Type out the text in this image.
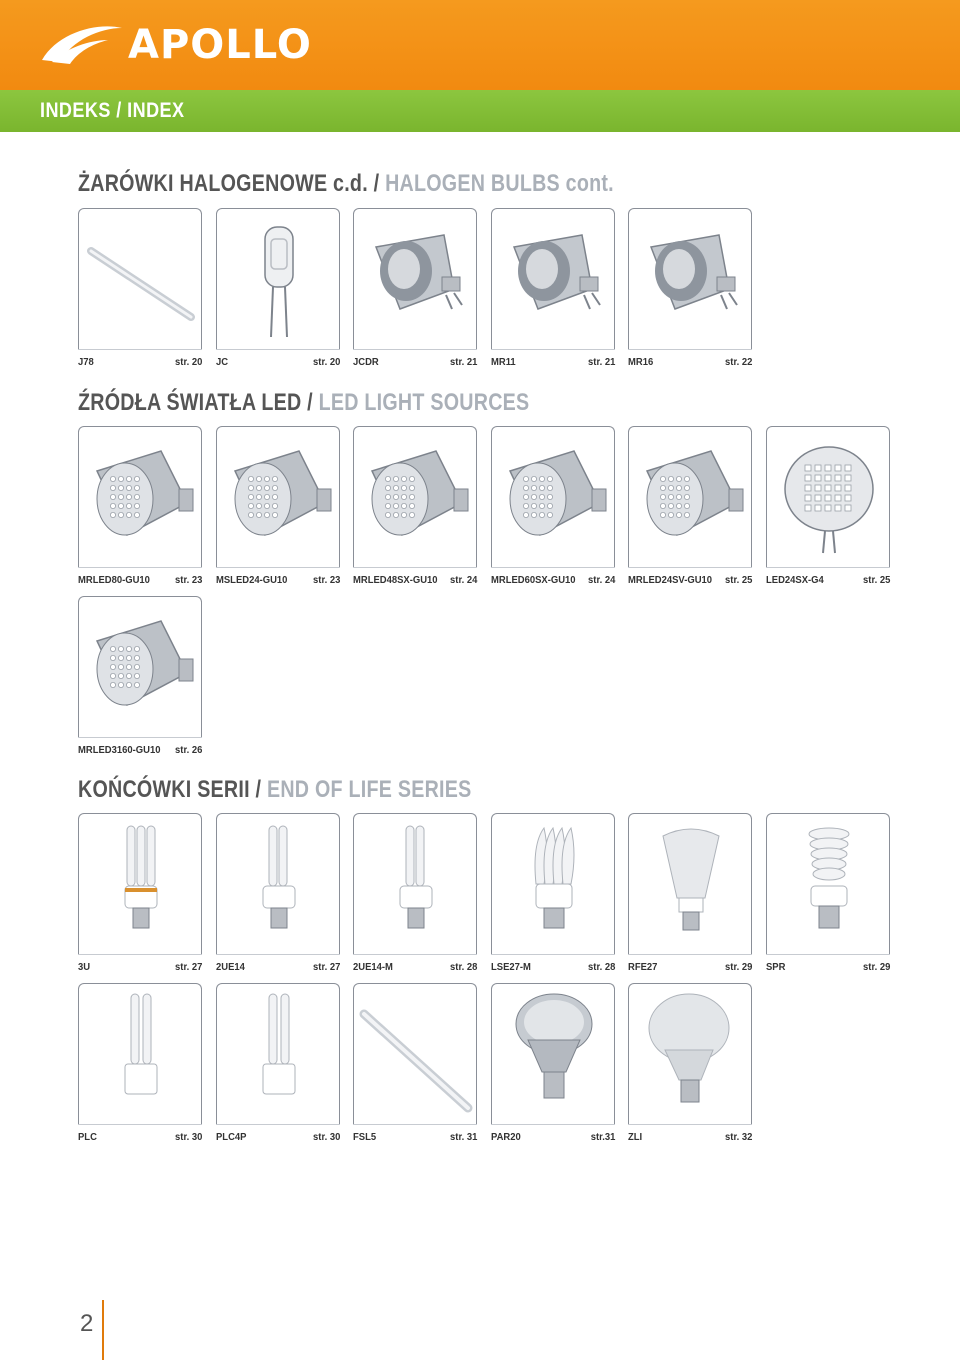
APOLLO
INDEKS / INDEX
ŻARÓWKI HALOGENOWE c.d. / HALOGEN BULBS cont.
ŹRÓDŁA ŚWIATŁA LED / LED LIGHT SOURCES
KOŃCÓWKI SERII / END OF LIFE SERIES
J78	str. 20 JC	str. 20 JCDR	str. 21 MR11	str. 21 MR16	str. 22
MRLED80-GU10 str. 23 MSLED24-GU10 str. 23 MRLED48SX-GU10 str. 24 MRLED60SX-GU10 str. 24 MRLED24SV-GU10 str. 25 LED24SX-G4	str. 25
MRLED3160-GU10 str. 26
3U	str. 27 2UE14	str. 27 2UE14-M	str. 28 LSE27-M	str. 28 RFE27	str. 29 SPR	str. 29
PLC	str. 30 PLC4P	str. 30 FSL5	str. 31 PAR20	str.31 ZLI	str. 32
2
